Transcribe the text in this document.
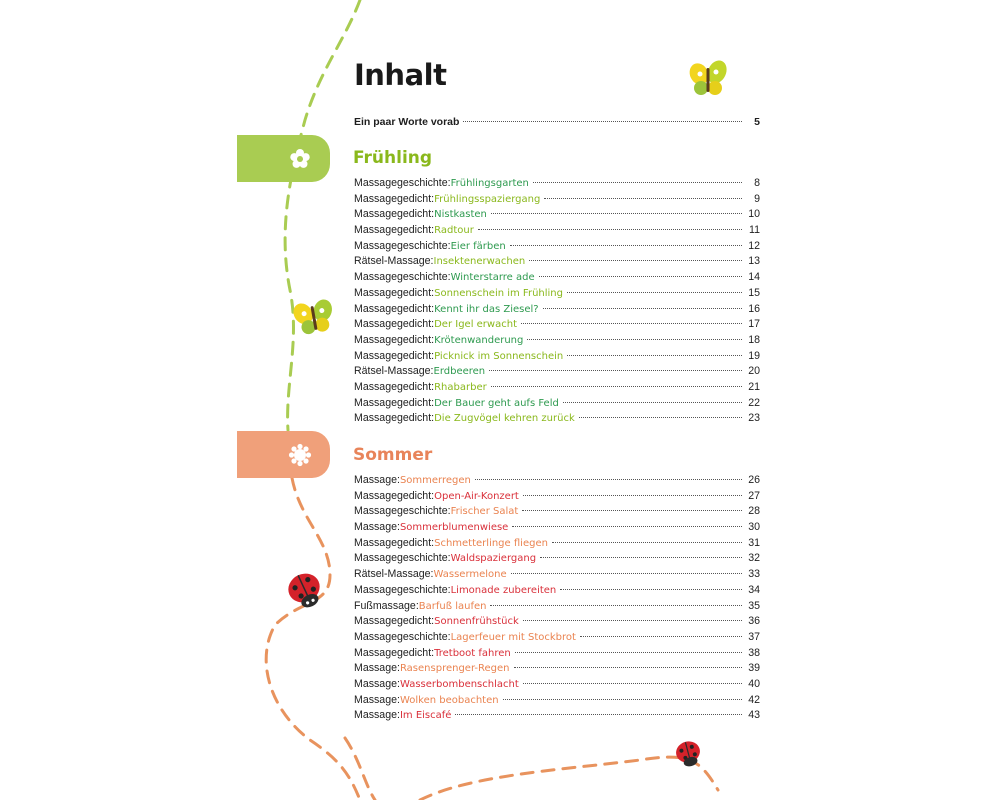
Inhalt
Ein paar Worte vorab	5
Frühling
Massagegeschichte : Frühlingsgarten	8
Massagegedicht : Frühlingsspaziergang	9
Massagegedicht : Nistkasten	10
Massagegedicht : Radtour	11
Massagegeschichte : Eier färben	12
Rätsel-Massage : Insektenerwachen	13
Massagegeschichte : Winterstarre ade	14
Massagegedicht : Sonnenschein im Frühling	15
Massagegedicht : Kennt ihr das Ziesel?	16
Massagegedicht : Der Igel erwacht	17
Massagegedicht : Krötenwanderung	18
Massagegedicht : Picknick im Sonnenschein	19
Rätsel-Massage : Erdbeeren	20
Massagegedicht : Rhabarber	21
Massagegedicht : Der Bauer geht aufs Feld	22
Massagegedicht : Die Zugvögel kehren zurück	23
Sommer
Massage : Sommerregen	26
Massagegedicht : Open-Air-Konzert	27
Massagegeschichte : Frischer Salat	28
Massage : Sommerblumenwiese	30
Massagegedicht : Schmetterlinge fliegen	31
Massagegeschichte : Waldspaziergang	32
Rätsel-Massage : Wassermelone	33
Massagegeschichte : Limonade zubereiten	34
Fußmassage : Barfuß laufen	35
Massagegedicht : Sonnenfrühstück	36
Massagegeschichte : Lagerfeuer mit Stockbrot	37
Massagegedicht : Tretboot fahren	38
Massage : Rasensprenger-Regen	39
Massage : Wasserbombenschlacht	40
Massage : Wolken beobachten	42
Massage : Im Eiscafé	43
